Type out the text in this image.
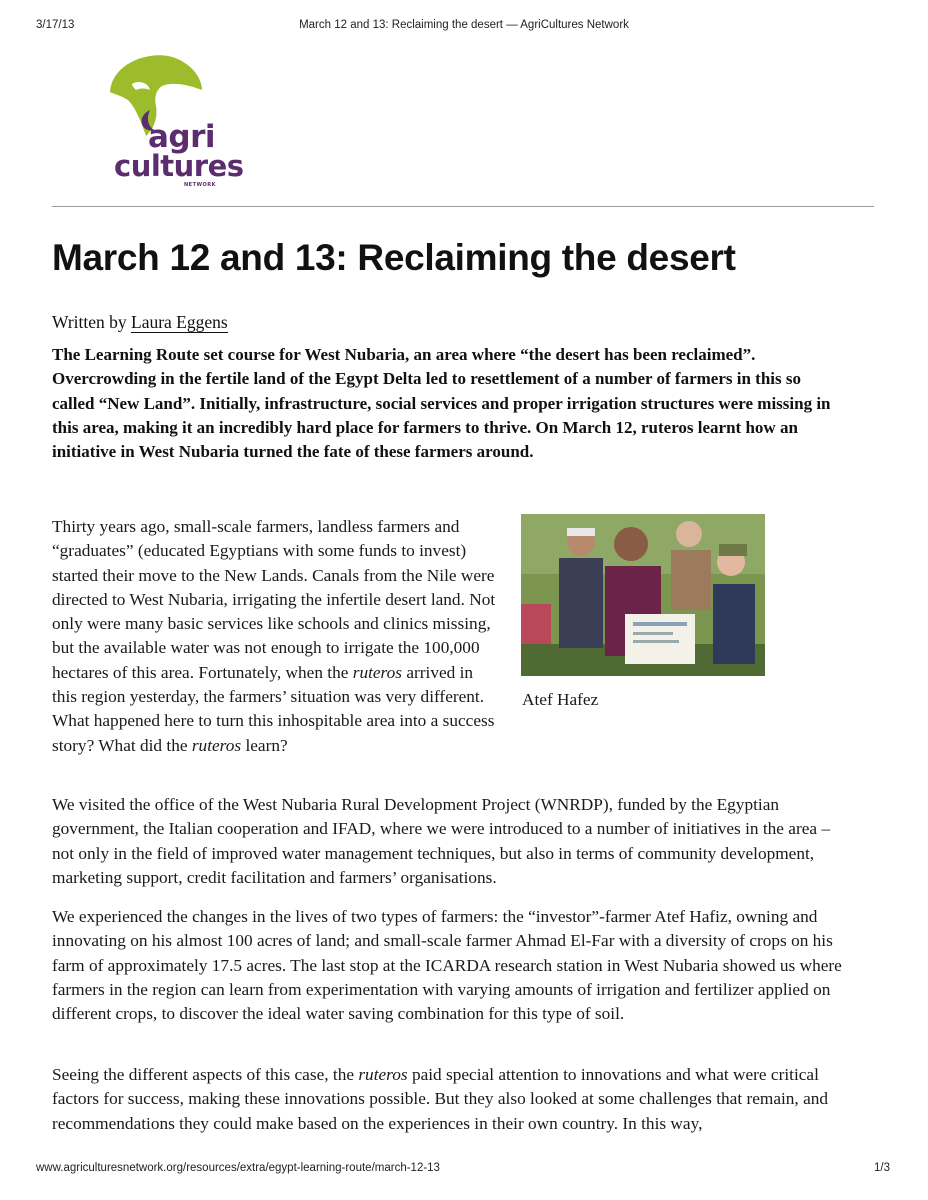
3/17/13	March 12 and 13: Reclaiming the desert — AgriCultures Network
agri
cultures
NETWORK
March 12 and 13: Reclaiming the desert
Written by Laura Eggens

The Learning Route set course for West Nubaria, an area where “the desert has been reclaimed”. Overcrowding in the fertile land of the Egypt Delta led to resettlement of a number of farmers in this so called “New Land”. Initially, infrastructure, social services and proper irrigation structures were missing in this area, making it an incredibly hard place for farmers to thrive. On March 12, ruteros learnt how an initiative in West Nubaria turned the fate of these farmers around.

Thirty years ago, small-scale farmers, landless farmers and “graduates” (educated Egyptians with some funds to invest) started their move to the New Lands. Canals from the Nile were directed to West Nubaria, irrigating the infertile desert land. Not only were many basic services like schools and clinics missing, but the available water was not enough to irrigate the 100,000 hectares of this area. Fortunately, when the ruteros arrived in this region yesterday, the farmers’ situation was very different. What happened here to turn this inhospitable area into a success story? What did the ruteros learn?

Atef Hafez

We visited the office of the West Nubaria Rural Development Project (WNRDP), funded by the Egyptian government, the Italian cooperation and IFAD, where we were introduced to a number of initiatives in the area – not only in the field of improved water management techniques, but also in terms of community development, marketing support, credit facilitation and farmers’ organisations.

We experienced the changes in the lives of two types of farmers: the “investor”-farmer Atef Hafiz, owning and innovating on his almost 100 acres of land; and small-scale farmer Ahmad El-Far with a diversity of crops on his farm of approximately 17.5 acres. The last stop at the ICARDA research station in West Nubaria showed us where farmers in the region can learn from experimentation with varying amounts of irrigation and fertilizer applied on different crops, to discover the ideal water saving combination for this type of soil.

Seeing the different aspects of this case, the ruteros paid special attention to innovations and what were critical factors for success, making these innovations possible. But they also looked at some challenges that remain, and recommendations they could make based on the experiences in their own country. In this way,

www.agriculturesnetwork.org/resources/extra/egypt-learning-route/march-12-13	1/3
